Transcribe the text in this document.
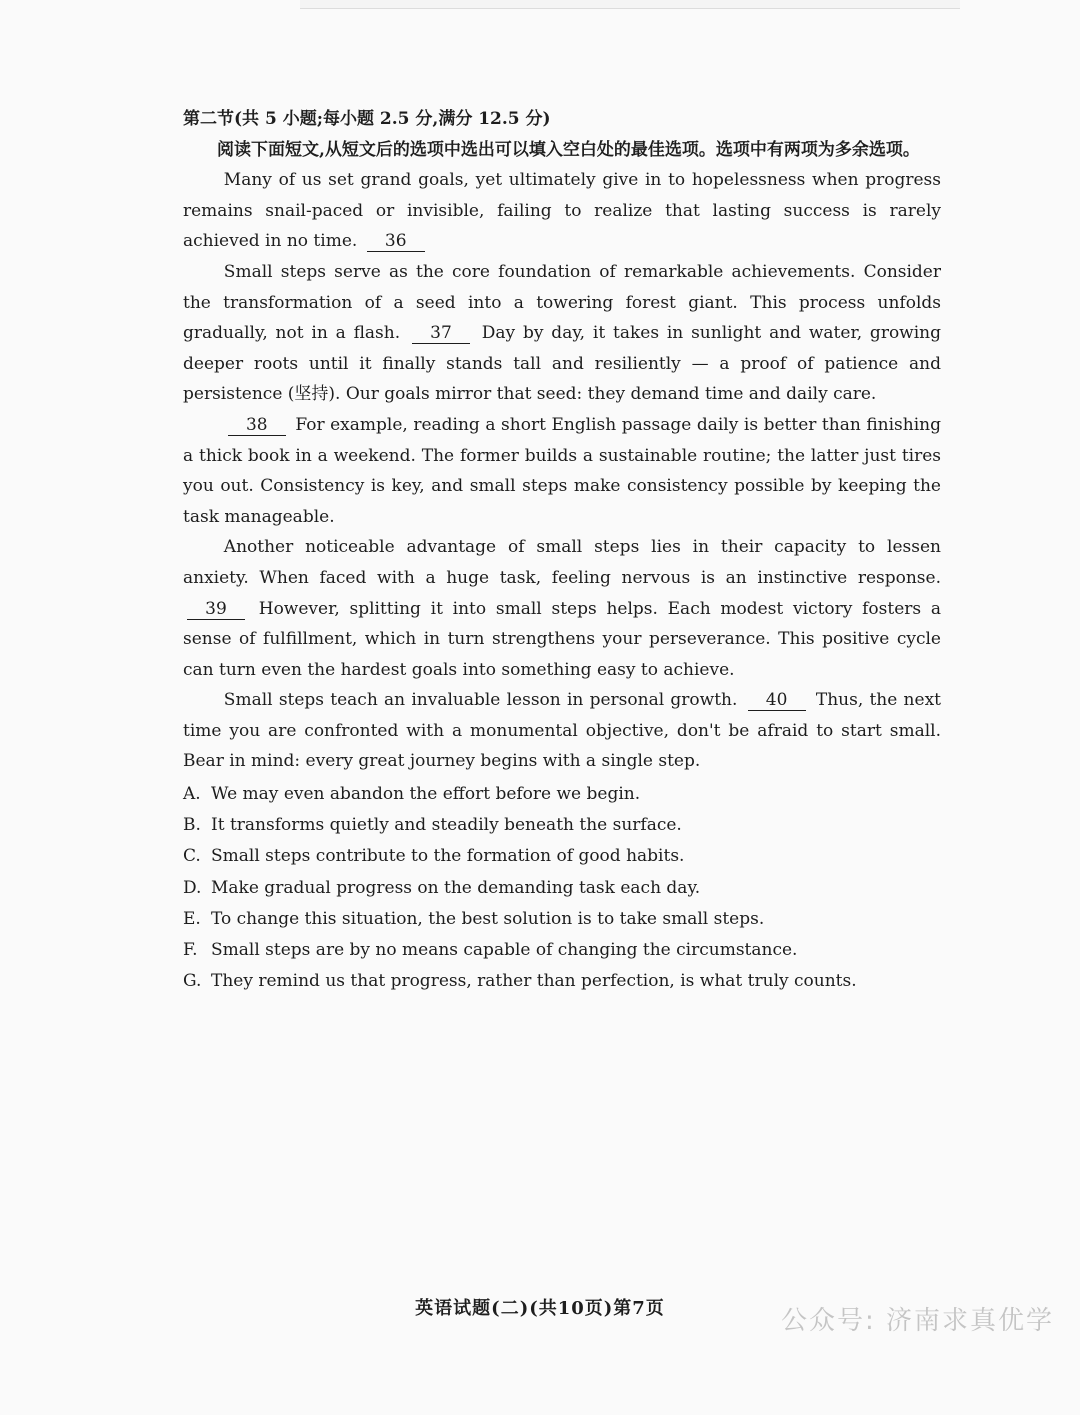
第二节(共 5 小题;每小题 2.5 分,满分 12.5 分)

阅读下面短文,从短文后的选项中选出可以填入空白处的最佳选项。选项中有两项为多余选项。

Many of us set grand goals, yet ultimately give in to hopelessness when progress remains snail-paced or invisible, failing to realize that lasting success is rarely achieved in no time. 36

Small steps serve as the core foundation of remarkable achievements. Consider the transformation of a seed into a towering forest giant. This process unfolds gradually, not in a flash. 37 Day by day, it takes in sunlight and water, growing deeper roots until it finally stands tall and resiliently — a proof of patience and persistence (坚持). Our goals mirror that seed: they demand time and daily care.

38 For example, reading a short English passage daily is better than finishing a thick book in a weekend. The former builds a sustainable routine; the latter just tires you out. Consistency is key, and small steps make consistency possible by keeping the task manageable.

Another noticeable advantage of small steps lies in their capacity to lessen anxiety. When faced with a huge task, feeling nervous is an instinctive response. 39 However, splitting it into small steps helps. Each modest victory fosters a sense of fulfillment, which in turn strengthens your perseverance. This positive cycle can turn even the hardest goals into something easy to achieve.

Small steps teach an invaluable lesson in personal growth. 40 Thus, the next time you are confronted with a monumental objective, don't be afraid to start small. Bear in mind: every great journey begins with a single step.

A. We may even abandon the effort before we begin.

B. It transforms quietly and steadily beneath the surface.

C. Small steps contribute to the formation of good habits.

D. Make gradual progress on the demanding task each day.

E. To change this situation, the best solution is to take small steps.

F. Small steps are by no means capable of changing the circumstance.

G. They remind us that progress, rather than perfection, is what truly counts.

英语试题(二)(共10页)第7页	公众号: 济南求真优学
